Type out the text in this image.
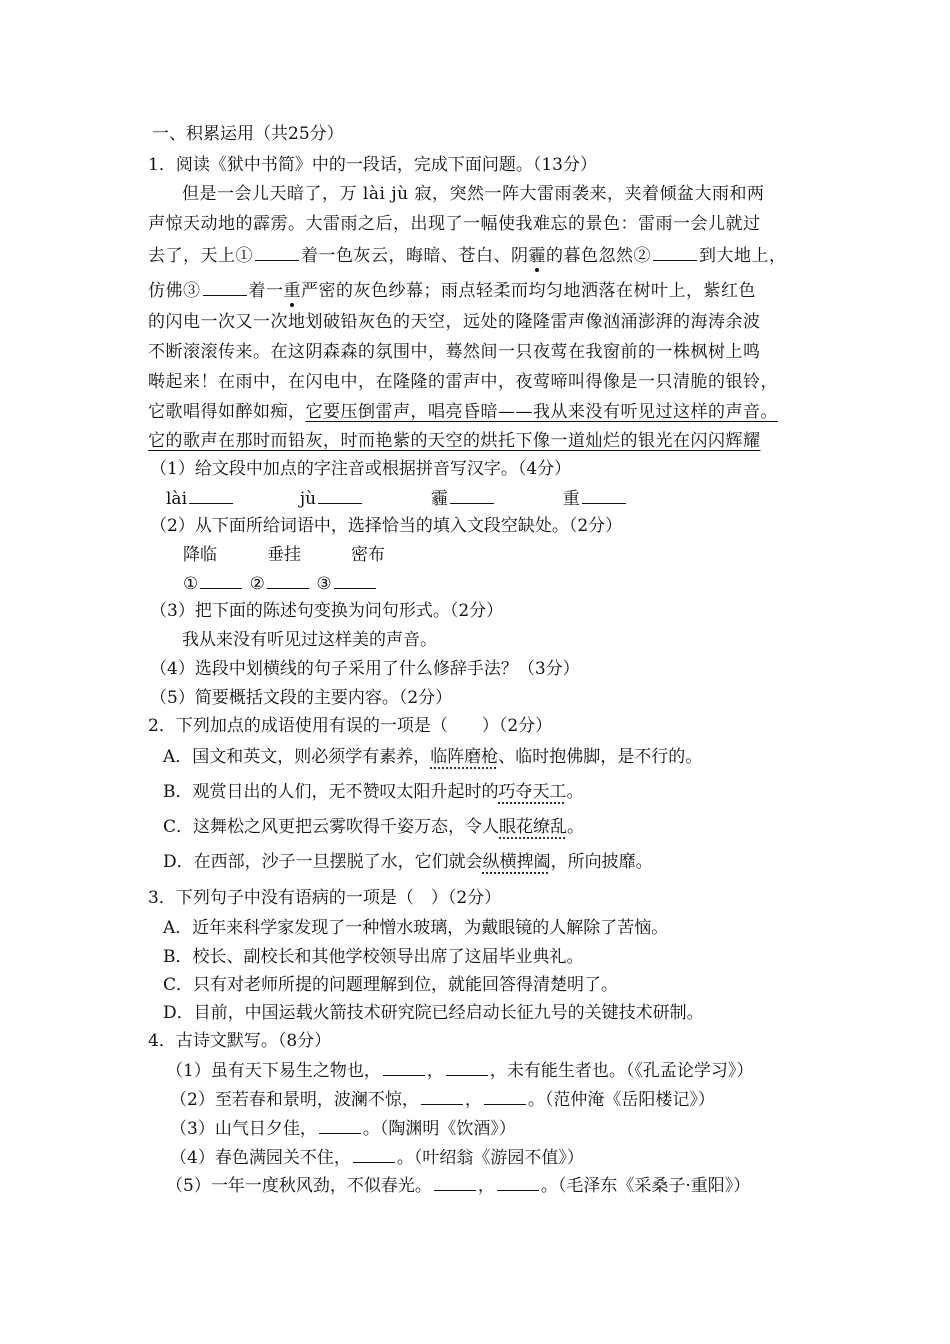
一、积累运用（共25分）
1．阅读《狱中书简》中的一段话，完成下面问题。（13分）
但是一会儿天暗了，万 lài jù 寂，突然一阵大雷雨袭来，夹着倾盆大雨和两
声惊天动地的霹雳。大雷雨之后，出现了一幅使我难忘的景色：雷雨一会儿就过
去了，天上①	着一色灰云，晦暗、苍白、阴霾的暮色忽然②	到大地上，
仿佛③	着一重严密的灰色纱幕；雨点轻柔而均匀地洒落在树叶上，紫红色
的闪电一次又一次地划破铅灰色的天空，远处的隆隆雷声像汹涌澎湃的海涛余波
不断滚滚传来。在这阴森森的氛围中，蓦然间一只夜莺在我窗前的一株枫树上鸣
啭起来！在雨中，在闪电中，在隆隆的雷声中，夜莺啼叫得像是一只清脆的银铃，
它歌唱得如醉如痴，它要压倒雷声，唱亮昏暗——我从来没有听见过这样的声音。
它的歌声在那时而铅灰，时而艳紫的天空的烘托下像一道灿烂的银光在闪闪辉耀
（1）给文段中加点的字注音或根据拼音写汉字。（4分）
lài	jù	霾	重
（2）从下面所给词语中，选择恰当的填入文段空缺处。（2分）
降临	垂挂	密布
①	②	③
（3）把下面的陈述句变换为问句形式。（2分）
我从来没有听见过这样美的声音。
（4）选段中划横线的句子采用了什么修辞手法？（3分）
（5）简要概括文段的主要内容。（2分）
2．下列加点的成语使用有误的一项是（　　）（2分）
A．国文和英文，则必须学有素养，临阵磨枪、临时抱佛脚，是不行的。
B．观赏日出的人们，无不赞叹太阳升起时的巧夺天工。
C．这舞松之风更把云雾吹得千姿万态，令人眼花缭乱。
D．在西部，沙子一旦摆脱了水，它们就会纵横捭阖，所向披靡。
3．下列句子中没有语病的一项是（　）（2分）
A．近年来科学家发现了一种憎水玻璃，为戴眼镜的人解除了苦恼。
B．校长、副校长和其他学校领导出席了这届毕业典礼。
C．只有对老师所提的问题理解到位，就能回答得清楚明了。
D．目前，中国运载火箭技术研究院已经启动长征九号的关键技术研制。
4．古诗文默写。（8分）
（1）虽有天下易生之物也，	，	，未有能生者也。（《孔孟论学习》）
（2）至若春和景明，波澜不惊，	，	。（范仲淹《岳阳楼记》）
（3）山气日夕佳，	。（陶渊明《饮酒》）
（4）春色满园关不住，	。（叶绍翁《游园不值》）
（5）一年一度秋风劲，不似春光。	，	。（毛泽东《采桑子·重阳》）
